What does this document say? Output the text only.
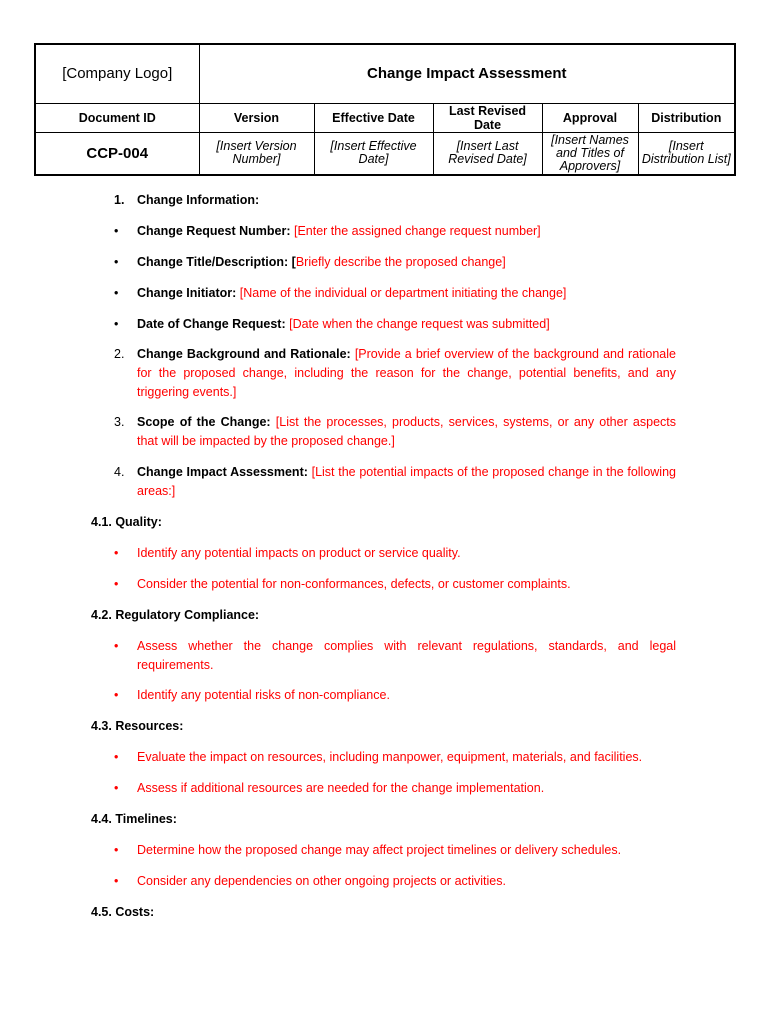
[Company Logo]	Change Impact Assessment				
Document ID	Version	Effective Date	Last Revised Date	Approval	Distribution
CCP-004	[Insert Version Number]	[Insert Effective Date]	[Insert Last Revised Date]	[Insert Names and Titles of Approvers]	[Insert Distribution List]
1.	Change Information:
•	Change Request Number: [Enter the assigned change request number]
•	Change Title/Description: [Briefly describe the proposed change]
•	Change Initiator: [Name of the individual or department initiating the change]
•	Date of Change Request: [Date when the change request was submitted]
2.	Change Background and Rationale: [Provide a brief overview of the background and rationale for the proposed change, including the reason for the change, potential benefits, and any triggering events.]
3.	Scope of the Change: [List the processes, products, services, systems, or any other aspects that will be impacted by the proposed change.]
4.	Change Impact Assessment: [List the potential impacts of the proposed change in the following areas:]
4.1. Quality:
•	Identify any potential impacts on product or service quality.
•	Consider the potential for non-conformances, defects, or customer complaints.
4.2. Regulatory Compliance:
•	Assess whether the change complies with relevant regulations, standards, and legal requirements.
•	Identify any potential risks of non-compliance.
4.3. Resources:
•	Evaluate the impact on resources, including manpower, equipment, materials, and facilities.
•	Assess if additional resources are needed for the change implementation.
4.4. Timelines:
•	Determine how the proposed change may affect project timelines or delivery schedules.
•	Consider any dependencies on other ongoing projects or activities.
4.5. Costs:
